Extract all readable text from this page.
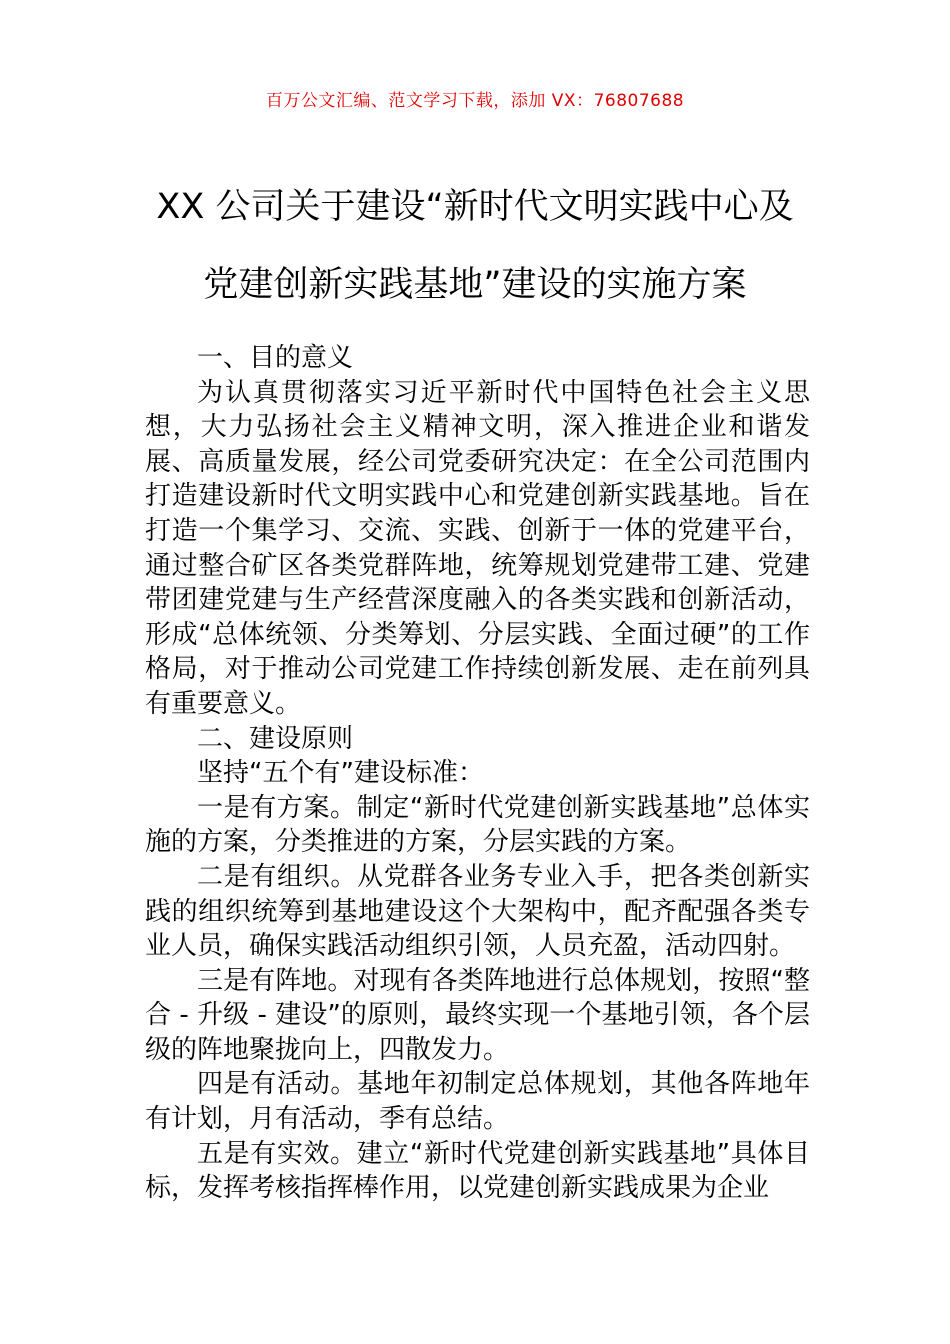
百万公文汇编、范文学习下载，添加 VX：76807688
XX 公司关于建设“新时代文明实践中心及
党建创新实践基地”建设的实施方案

一、目的意义

为认真贯彻落实习近平新时代中国特色社会主义思想，大力弘扬社会主义精神文明，深入推进企业和谐发展、高质量发展，经公司党委研究决定：在全公司范围内打造建设新时代文明实践中心和党建创新实践基地。旨在打造一个集学习、交流、实践、创新于一体的党建平台，通过整合矿区各类党群阵地，统筹规划党建带工建、党建带团建党建与生产经营深度融入的各类实践和创新活动，形成“总体统领、分类筹划、分层实践、全面过硬”的工作格局，对于推动公司党建工作持续创新发展、走在前列具有重要意义。

二、建设原则

坚持“五个有”建设标准：

一是有方案。制定“新时代党建创新实践基地”总体实施的方案，分类推进的方案，分层实践的方案。

二是有组织。从党群各业务专业入手，把各类创新实践的组织统筹到基地建设这个大架构中，配齐配强各类专业人员，确保实践活动组织引领，人员充盈，活动四射。

三是有阵地。对现有各类阵地进行总体规划，按照“整合 - 升级 - 建设”的原则，最终实现一个基地引领，各个层级的阵地聚拢向上，四散发力。

四是有活动。基地年初制定总体规划，其他各阵地年有计划，月有活动，季有总结。

五是有实效。建立“新时代党建创新实践基地”具体目标，发挥考核指挥棒作用，以党建创新实践成果为企业
